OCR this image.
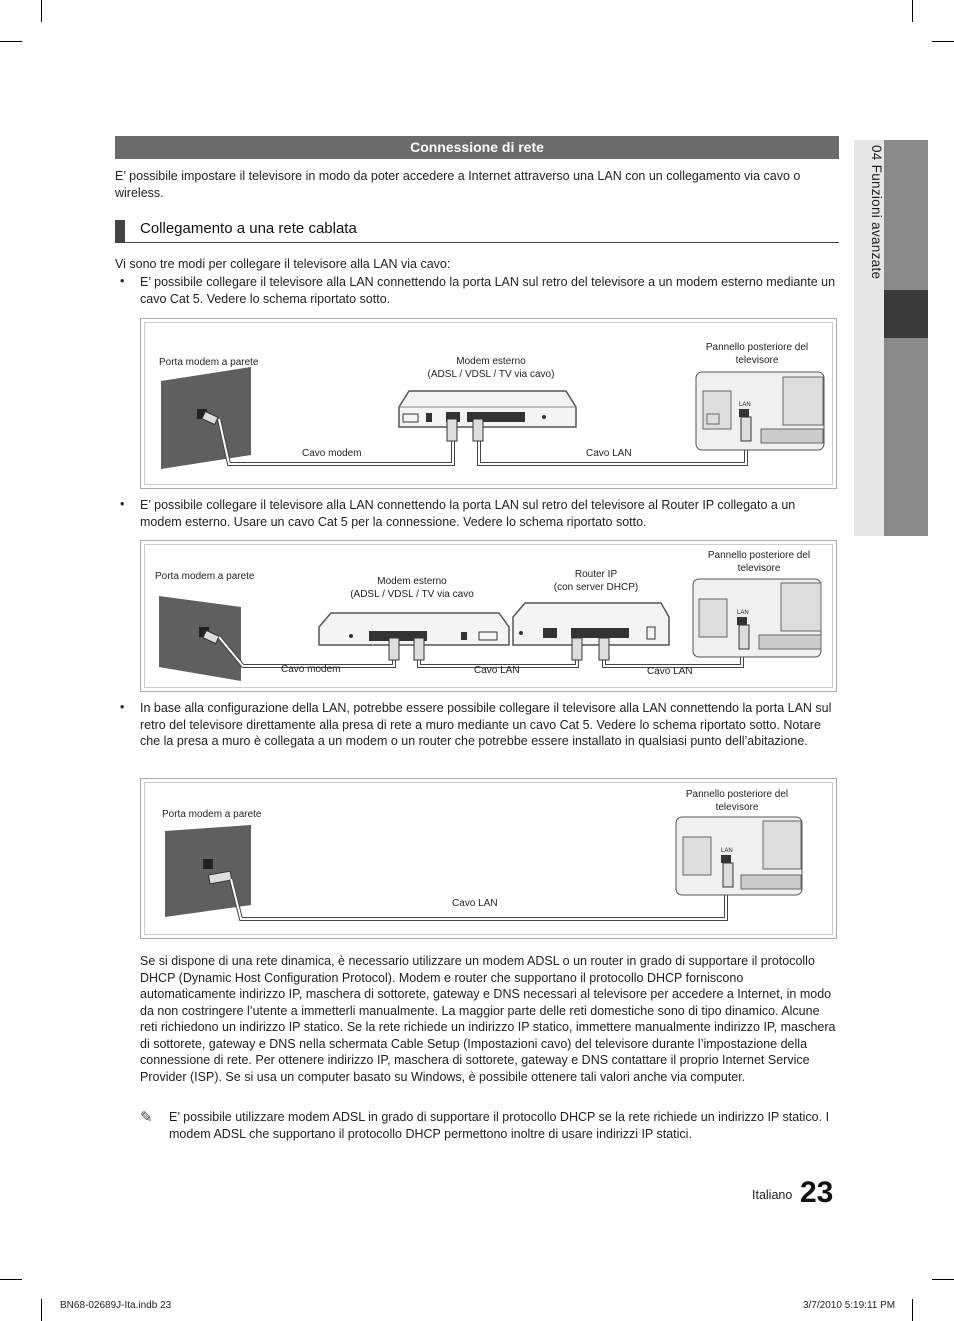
04 Funzioni avanzate
Connessione di rete
E’ possibile impostare il televisore in modo da poter accedere a Internet attraverso una LAN con un collegamento via cavo o wireless.
Collegamento a una rete cablata
Vi sono tre modi per collegare il televisore alla LAN via cavo:
• E’ possibile collegare il televisore alla LAN connettendo la porta LAN sul retro del televisore a un modem esterno mediante un cavo Cat 5. Vedere lo schema riportato sotto.
Porta modem a parete	Modem esterno
(ADSL / VDSL / TV via cavo)
Pannello posteriore del
televisore
Cavo modem	Cavo LAN
LAN
• E’ possibile collegare il televisore alla LAN connettendo la porta LAN sul retro del televisore al Router IP collegato a un modem esterno. Usare un cavo Cat 5 per la connessione. Vedere lo schema riportato sotto.
Porta modem a parete	Modem esterno
(ADSL / VDSL / TV via cavo
Router IP
(con server DHCP)
Pannello posteriore del
televisore
Cavo modem	Cavo LAN	Cavo LAN
LAN
• In base alla configurazione della LAN, potrebbe essere possibile collegare il televisore alla LAN connettendo la porta LAN sul retro del televisore direttamente alla presa di rete a muro mediante un cavo Cat 5. Vedere lo schema riportato sotto. Notare che la presa a muro è collegata a un modem o un router che potrebbe essere installato in qualsiasi punto dell’abitazione.
Porta modem a parete
Pannello posteriore del
televisore
Cavo LAN
LAN
Se si dispone di una rete dinamica, è necessario utilizzare un modem ADSL o un router in grado di supportare il protocollo DHCP (Dynamic Host Configuration Protocol). Modem e router che supportano il protocollo DHCP forniscono automaticamente indirizzo IP, maschera di sottorete, gateway e DNS necessari al televisore per accedere a Internet, in modo da non costringere l’utente a immetterli manualmente. La maggior parte delle reti domestiche sono di tipo dinamico. Alcune reti richiedono un indirizzo IP statico. Se la rete richiede un indirizzo IP statico, immettere manualmente indirizzo IP, maschera di sottorete, gateway e DNS nella schermata Cable Setup (Impostazioni cavo) del televisore durante l’impostazione della connessione di rete. Per ottenere indirizzo IP, maschera di sottorete, gateway e DNS contattare il proprio Internet Service Provider (ISP). Se si usa un computer basato su Windows, è possibile ottenere tali valori anche via computer.
✎ E’ possibile utilizzare modem ADSL in grado di supportare il protocollo DHCP se la rete richiede un indirizzo IP statico. I modem ADSL che supportano il protocollo DHCP permettono inoltre di usare indirizzi IP statici.
Italiano 23
BN68-02689J-Ita.indb 23	3/7/2010 5:19:11 PM
